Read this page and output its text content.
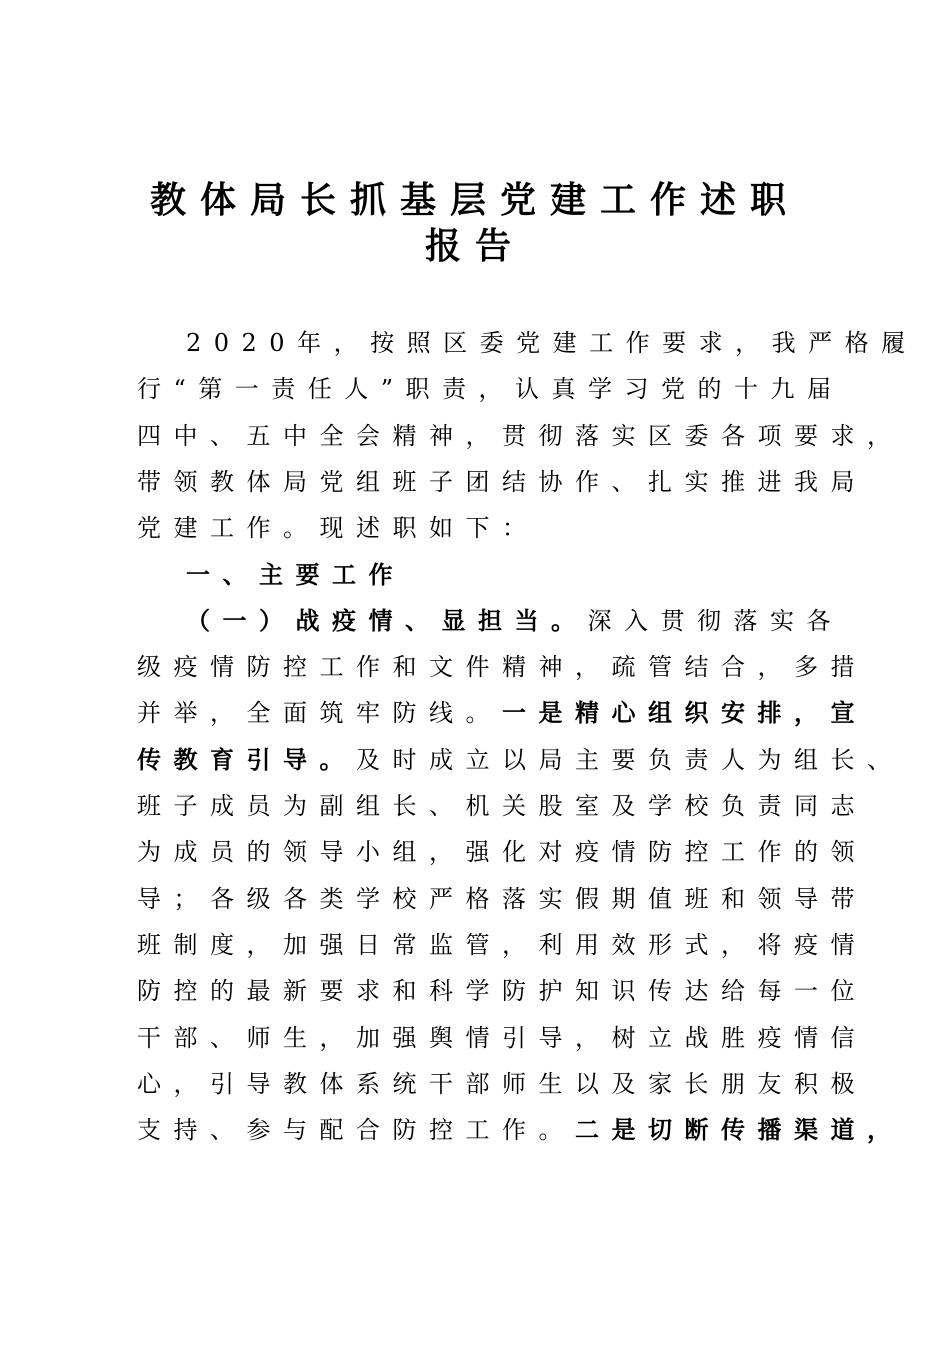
教体局长抓基层党建工作述职
报告
2020年，按照区委党建工作要求，我严格履
行“第一责任人”职责，认真学习党的十九届
四中、五中全会精神，贯彻落实区委各项要求，
带领教体局党组班子团结协作、扎实推进我局
党建工作。现述职如下：
一、主要工作
（一）战疫情、显担当。深入贯彻落实各
级疫情防控工作和文件精神，疏管结合，多措
并举，全面筑牢防线。一是精心组织安排，宣
传教育引导。及时成立以局主要负责人为组长、
班子成员为副组长、机关股室及学校负责同志
为成员的领导小组，强化对疫情防控工作的领
导；各级各类学校严格落实假期值班和领导带
班制度，加强日常监管，利用效形式，将疫情
防控的最新要求和科学防护知识传达给每一位
干部、师生，加强舆情引导，树立战胜疫情信
心，引导教体系统干部师生以及家长朋友积极
支持、参与配合防控工作。二是切断传播渠道，
